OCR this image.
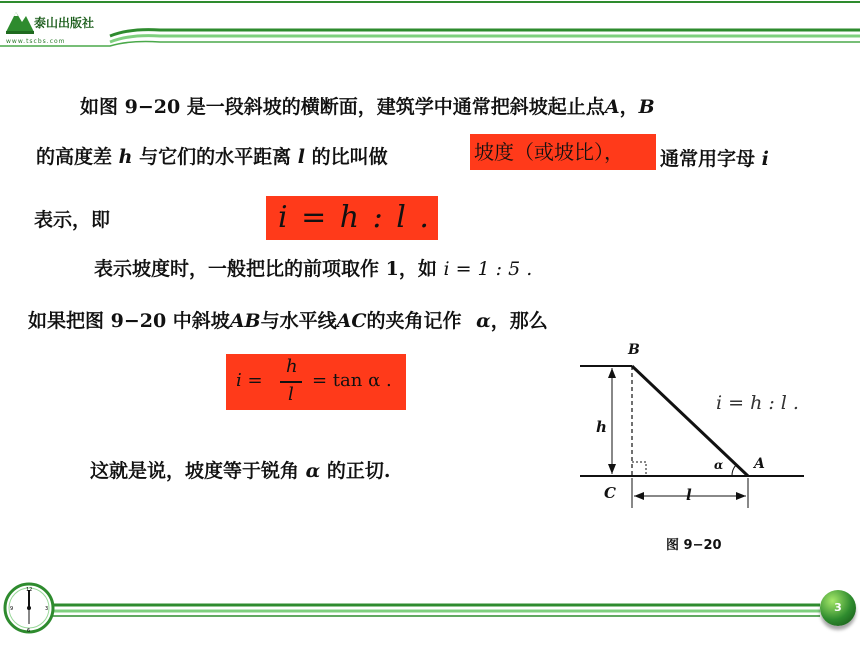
泰山出版社
www.tscbs.com
如图 9−20 是一段斜坡的横断面，建筑学中通常把斜坡起止点A，B
的高度差 h 与它们的水平距离 l 的比叫做	坡度（或坡比），	通常用字母 i
表示，即	i = h : l .
表示坡度时，一般把比的前项取作 1，如 i = 1 : 5 .
如果把图 9−20 中斜坡AB与水平线AC的夹角记作 α，那么
i =
h
l
= tan α .
这就是说，坡度等于锐角 α 的正切.
B
h
C	l
α A
i = h : l .
图 9−20
12
9	3
6
3
